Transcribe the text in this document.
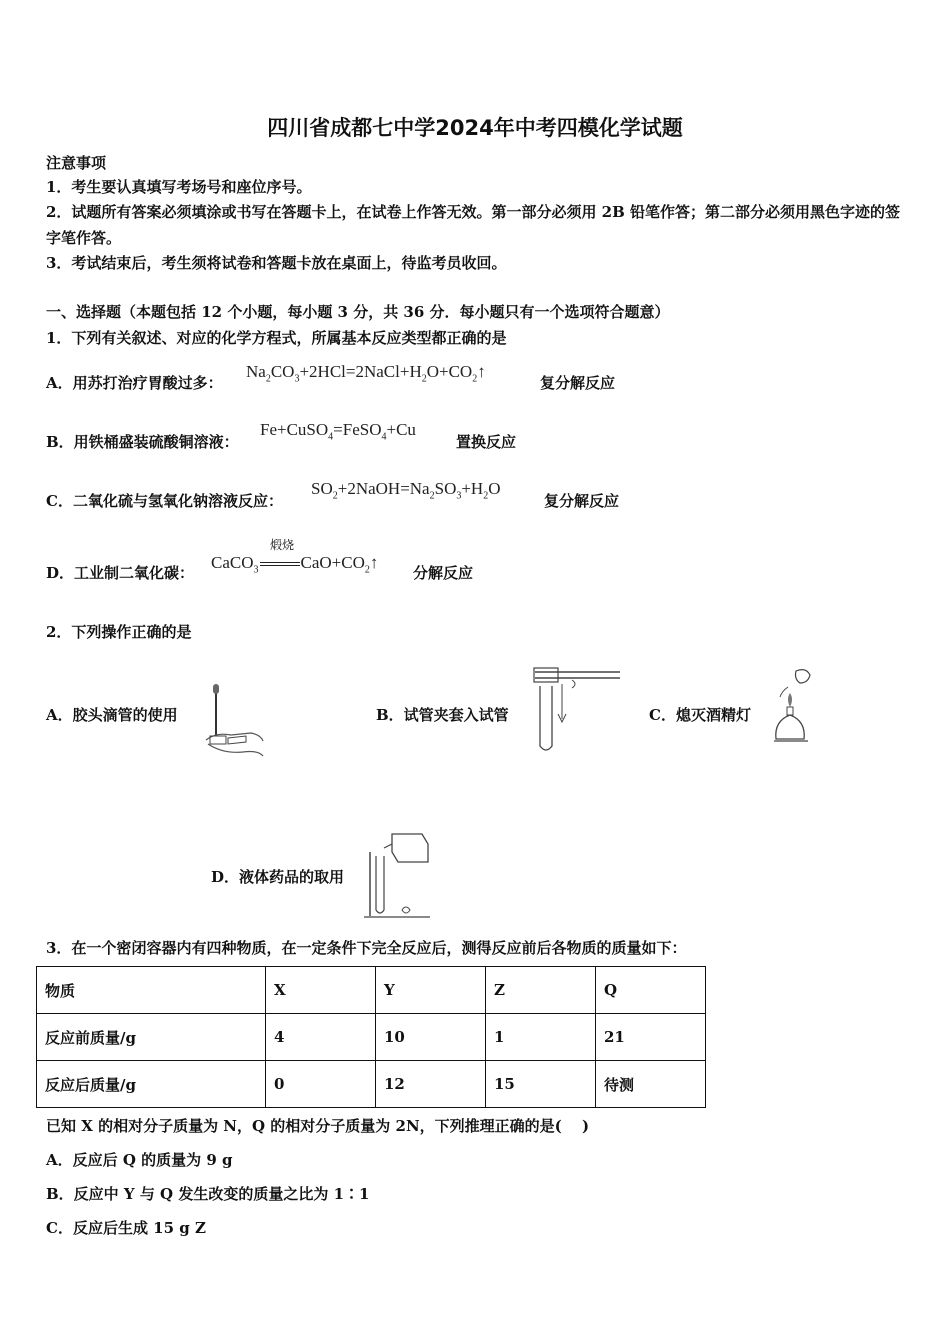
四川省成都七中学2024年中考四模化学试题
注意事项
1．考生要认真填写考场号和座位序号。
2．试题所有答案必须填涂或书写在答题卡上，在试卷上作答无效。第一部分必须用 2B 铅笔作答；第二部分必须用黑色字迹的签字笔作答。
3．考试结束后，考生须将试卷和答题卡放在桌面上，待监考员收回。
一、选择题（本题包括 12 个小题，每小题 3 分，共 36 分．每小题只有一个选项符合题意）
1．下列有关叙述、对应的化学方程式，所属基本反应类型都正确的是
A．用苏打治疗胃酸过多：
$Na_2CO_3+2HCl=2NaCl+H_2O+CO_2↑$
复分解反应
B．用铁桶盛装硫酸铜溶液：
Fe+CuSO$_4$=FeSO$_4$+Cu
置换反应
C．二氧化硫与氢氧化钠溶液反应：
$SO_2+2NaOH=Na_2SO_3+H_2O$
复分解反应
D．工业制二氧化碳：
煅烧
CaCO$_3$ $CaO+CO_2↑$
分解反应
2．下列操作正确的是
A．胶头滴管的使用	B．试管夹套入试管	C．熄灭酒精灯
D．液体药品的取用
3．在一个密闭容器内有四种物质，在一定条件下完全反应后，测得反应前后各物质的质量如下：
物质	X	Y	Z	Q
反应前质量/g	4	10	1	21
反应后质量/g	0	12	15	待测
已知 X 的相对分子质量为 N，Q 的相对分子质量为 2N，下列推理正确的是(　 )
A．反应后 Q 的质量为 9 g
B．反应中 Y 与 Q 发生改变的质量之比为 1∶1
C．反应后生成 15 g Z
